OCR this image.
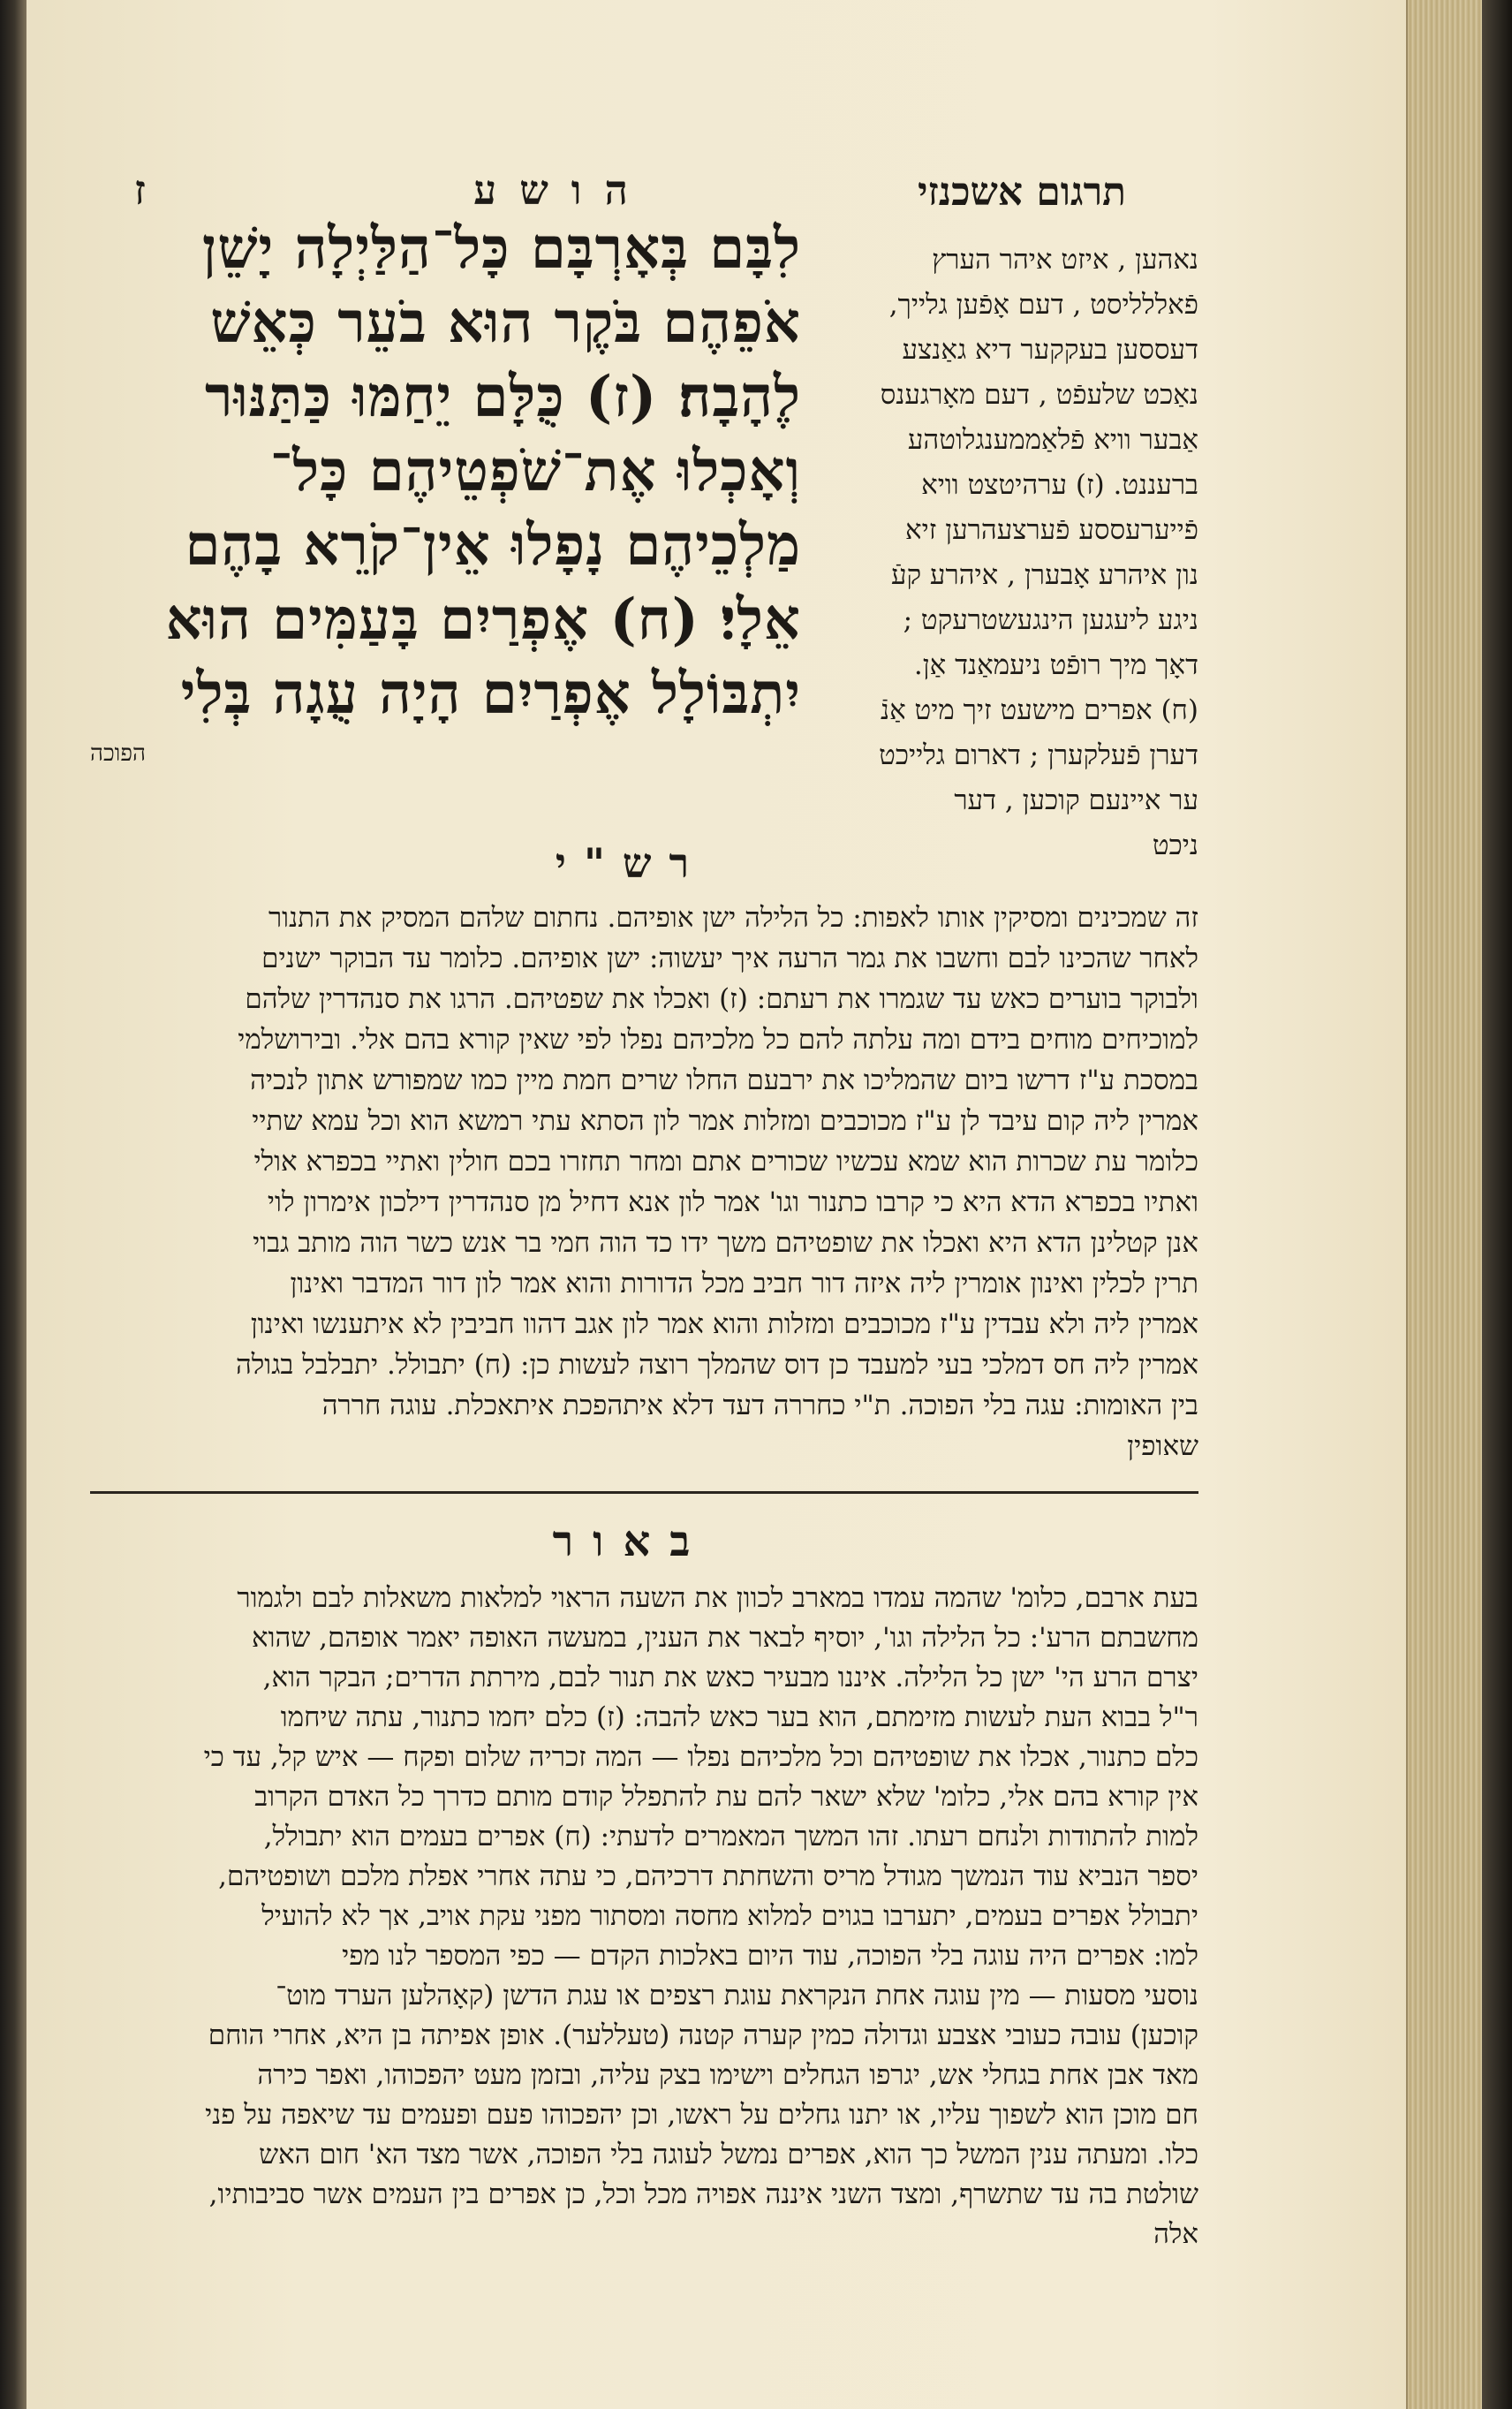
תרגום אשכנזי
נאהען , איזט איהר הערץ
פֿאללליסט , דעם אָפֿען גלייך,
דעססען בעקקער דיא גאַנצע
נאַכט שלעפֿט , דעם מאָרגענס
אַבער וויא פֿלאַממענגלוטהע
ברעננט. (ז) ערהיטצט וויא
פֿייערעססע פֿערצעהרען זיא
נון איהרע אָבערן , איהרע קעֿ
ניגע ליעגען הינגעשטרעקט ;
דאָך מיך רופֿט ניעמאַנד אַן.
(ח) אפרים מישעט זיך מיט אַנֿ
דערן פֿעלקערן ; דארום גלייכט
ער איינעם קוכען , דער
ניכט
הושע
ז
לִבָּם בְּאָרְבָּם כָּל־הַלַּיְלָה יָשֵׁן
אֹפֵהֶם בֹּקֶר הוּא בֹעֵר כְּאֵשׁ
לֶהָבָה׃ (ז) כֻּלָּם יֵחַמּוּ כַּתַּנּוּר
וְאָכְלוּ אֶת־שֹׁפְטֵיהֶם כָּל־
מַלְכֵיהֶם נָפָלוּ אֵין־קֹרֵא בָהֶם
אֵלָי׃ (ח) אֶפְרַיִם בָּעַמִּים הוּא
יִתְבּוֹלָל אֶפְרַיִם הָיָה עֻגָה בְּלִי
הפוכה
רש"י
זה שמכינים ומסיקין אותו לאפות: כל הלילה ישן אופיהם. נחתום שלהם המסיק את התנור
לאחר שהכינו לבם וחשבו את גמר הרעה איך יעשוה: ישן אופיהם. כלומר עד הבוקר ישנים
ולבוקר בוערים כאש עד שגמרו את רעתם: (ז) ואכלו את שפטיהם. הרגו את סנהדרין שלהם
למוכיחים מוחים בידם ומה עלתה להם כל מלכיהם נפלו לפי שאין קורא בהם אלי. ובירושלמי
במסכת ע"ז דרשו ביום שהמליכו את ירבעם החלו שרים חמת מיין כמו שמפורש אתון לנכיה
אמרין ליה קום עיבד לן ע"ז מכוכבים ומזלות אמר לון הסתא עתי רמשא הוא וכל עמא שתיי
כלומר עת שכרות הוא שמא עכשיו שכורים אתם ומחר תחזרו בכם חולין ואתיי בכפרא אולי
ואתיו בכפרא הדא היא כי קרבו כתנור וגו' אמר לון אנא דחיל מן סנהדרין דילכון אימרון לוי
אנן קטלינן הדא היא ואכלו את שופטיהם משך ידו כד הוה חמי בר אנש כשר הוה מותב גבוי
תרין לכלין ואינון אומרין ליה איזה דור חביב מכל הדורות והוא אמר לון דור המדבר ואינון
אמרין ליה ולא עבדין ע"ז מכוכבים ומזלות והוא אמר לון אגב דהוו חביבין לא איתענשו ואינון
אמרין ליה חס דמלכי בעי למעבד כן דוס שהמלך רוצה לעשות כן: (ח) יתבולל. יתבלבל בגולה
בין האומות: עגה בלי הפוכה. ת"י כחררה דעד דלא איתהפכת איתאכלת. עוגה חררה
שאופין
באור
בעת ארבם, כלומ' שהמה עמדו במארב לכוון את השעה הראוי למלאות משאלות לבם ולגמור
מחשבתם הרע': כל הלילה וגו', יוסיף לבאר את הענין, במעשה האופה יאמר אופהם, שהוא
יצרם הרע הי' ישן כל הלילה. איננו מבעיר כאש את תנור לבם, מירתת הדרים; הבקר הוא,
ר"ל בבוא העת לעשות מזימתם, הוא בער כאש להבה: (ז) כלם יחמו כתנור, עתה שיחמו
כלם כתנור, אכלו את שופטיהם וכל מלכיהם נפלו — המה זכריה שלום ופקח — איש קל, עד כי
אין קורא בהם אלי, כלומ' שלא ישאר להם עת להתפלל קודם מותם כדרך כל האדם הקרוב
למות להתודות ולנחם רעתו. זהו המשך המאמרים לדעתי: (ח) אפרים בעמים הוא יתבולל,
יספר הנביא עוד הנמשך מגודל מריס והשחתת דרכיהם, כי עתה אחרי אפלת מלכם ושופטיהם,
יתבולל אפרים בעמים, יתערבו בגוים למלוא מחסה ומסתור מפני עקת אויב, אך לא להועיל
למו: אפרים היה עוגה בלי הפוכה, עוד היום באלכות הקדם — כפי המספר לנו מפי
נוסעי מסעות — מין עוגה אחת הנקראת עוגת רצפים או עגת הדשן (קאָהלען הערד מוט־
קוכען) עובה כעובי אצבע וגדולה כמין קערה קטנה (טעללער). אופן אפיתה בן היא, אחרי הוחם
מאד אבן אחת בגחלי אש, יגרפו הגחלים וישימו בצק עליה, ובזמן מעט יהפכוהו, ואפר כירה
חם מוכן הוא לשפוך עליו, או יתנו גחלים על ראשו, וכן יהפכוהו פעם ופעמים עד שיאפה על פני
כלו. ומעתה ענין המשל כך הוא, אפרים נמשל לעוגה בלי הפוכה, אשר מצד הא' חום האש
שולטת בה עד שתשרף, ומצד השני איננה אפויה מכל וכל, כן אפרים בין העמים אשר סביבותיו,
אלה
